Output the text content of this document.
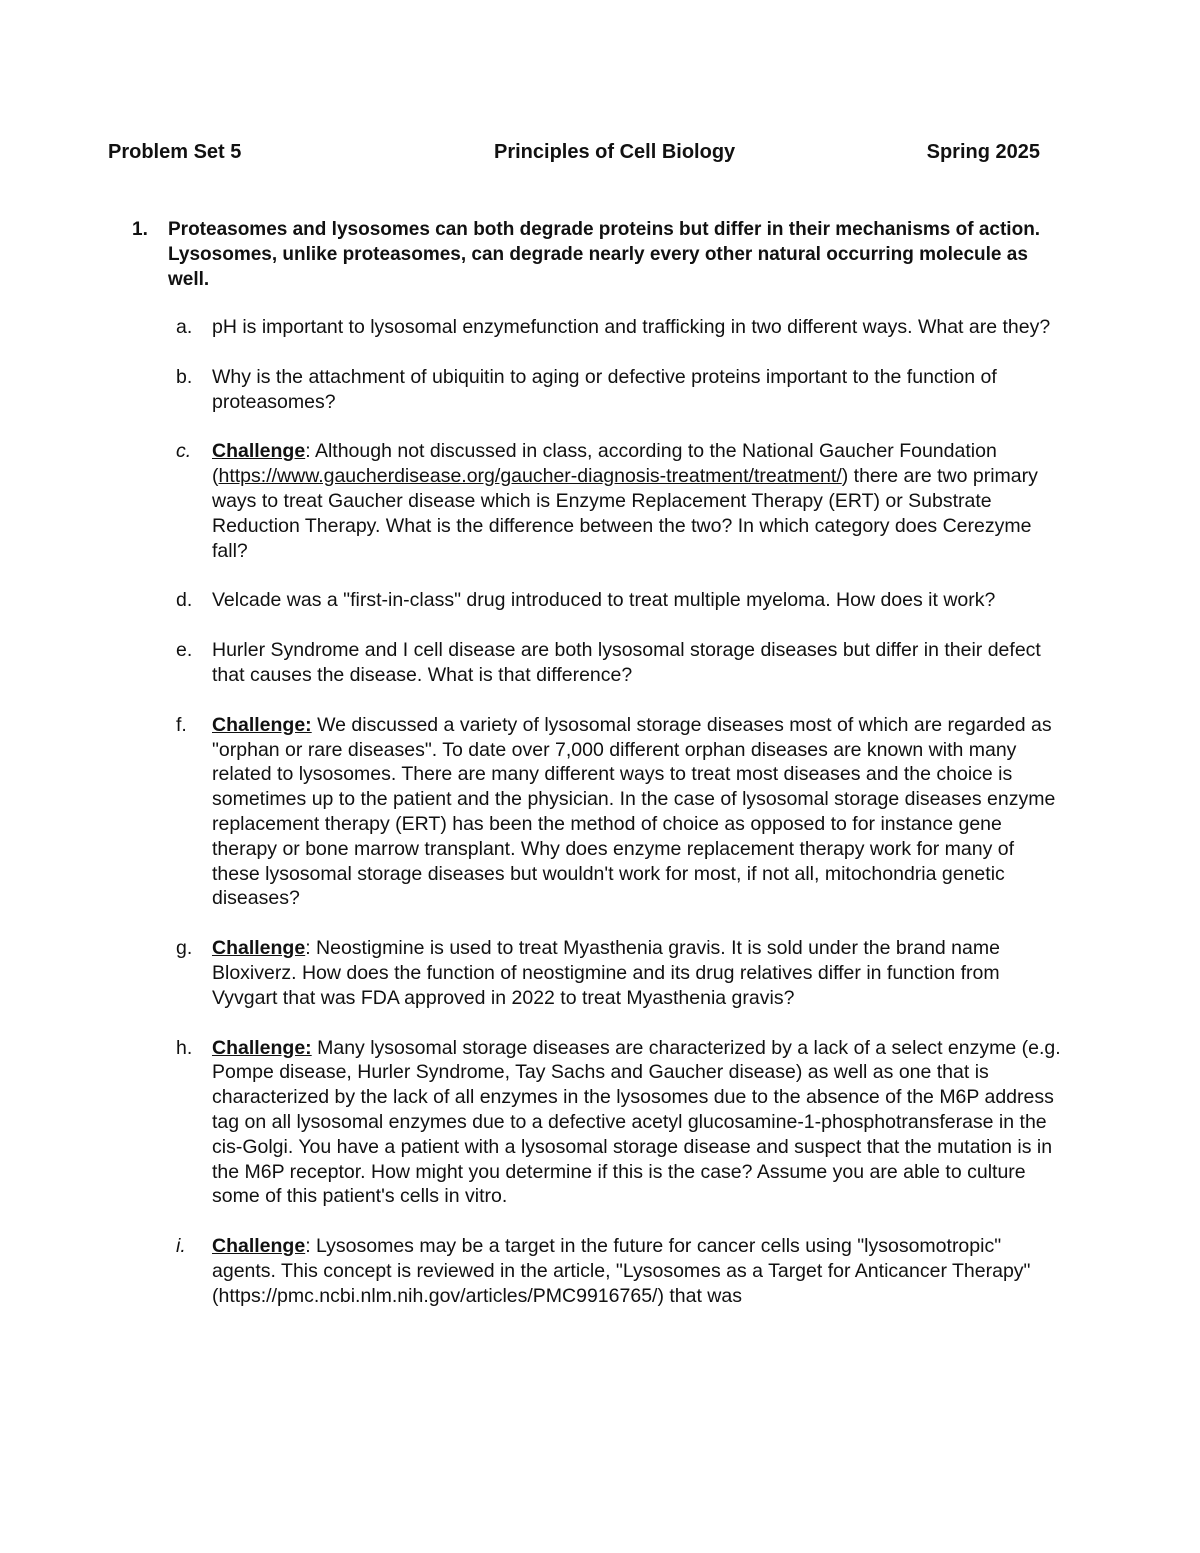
Problem Set 5	Principles of Cell Biology	Spring 2025
1. Proteasomes and lysosomes can both degrade proteins but differ in their mechanisms of action. Lysosomes, unlike proteasomes, can degrade nearly every other natural occurring molecule as well.
a.	pH is important to lysosomal enzymefunction and trafficking in two different ways. What are they?
b.	Why is the attachment of ubiquitin to aging or defective proteins important to the function of proteasomes?
c.	Challenge: Although not discussed in class, according to the National Gaucher Foundation (https://www.gaucherdisease.org/gaucher-diagnosis-treatment/treatment/) there are two primary ways to treat Gaucher disease which is Enzyme Replacement Therapy (ERT) or Substrate Reduction Therapy. What is the difference between the two? In which category does Cerezyme fall?
d.	Velcade was a "first-in-class" drug introduced to treat multiple myeloma. How does it work?
e.	Hurler Syndrome and I cell disease are both lysosomal storage diseases but differ in their defect that causes the disease. What is that difference?
f.	Challenge: We discussed a variety of lysosomal storage diseases most of which are regarded as "orphan or rare diseases". To date over 7,000 different orphan diseases are known with many related to lysosomes. There are many different ways to treat most diseases and the choice is sometimes up to the patient and the physician. In the case of lysosomal storage diseases enzyme replacement therapy (ERT) has been the method of choice as opposed to for instance gene therapy or bone marrow transplant. Why does enzyme replacement therapy work for many of these lysosomal storage diseases but wouldn't work for most, if not all, mitochondria genetic diseases?
g.	Challenge: Neostigmine is used to treat Myasthenia gravis. It is sold under the brand name Bloxiverz. How does the function of neostigmine and its drug relatives differ in function from Vyvgart that was FDA approved in 2022 to treat Myasthenia gravis?
h.	Challenge: Many lysosomal storage diseases are characterized by a lack of a select enzyme (e.g. Pompe disease, Hurler Syndrome, Tay Sachs and Gaucher disease) as well as one that is characterized by the lack of all enzymes in the lysosomes due to the absence of the M6P address tag on all lysosomal enzymes due to a defective acetyl glucosamine-1-phosphotransferase in the cis-Golgi. You have a patient with a lysosomal storage disease and suspect that the mutation is in the M6P receptor. How might you determine if this is the case? Assume you are able to culture some of this patient's cells in vitro.
i.	Challenge: Lysosomes may be a target in the future for cancer cells using "lysosomotropic" agents. This concept is reviewed in the article, "Lysosomes as a Target for Anticancer Therapy" (https://pmc.ncbi.nlm.nih.gov/articles/PMC9916765/) that was
